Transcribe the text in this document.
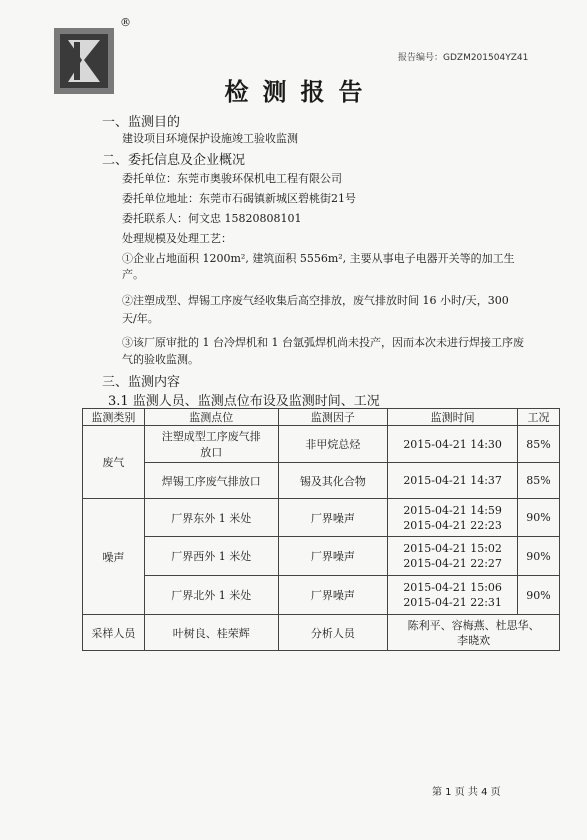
®
报告编号：GDZM201504YZ41
检测报告
一、监测目的
建设项目环境保护设施竣工验收监测
二、委托信息及企业概况
委托单位：东莞市奥骏环保机电工程有限公司
委托单位地址：东莞市石碣镇新城区碧桃街21号
委托联系人：何文忠 15820808101
处理规模及处理工艺：
①企业占地面积 1200m², 建筑面积 5556m², 主要从事电子电器开关等的加工生
产。
②注塑成型、焊锡工序废气经收集后高空排放，废气排放时间 16 小时/天，300
天/年。
③该厂原审批的 1 台冷焊机和 1 台氩弧焊机尚未投产，因而本次未进行焊接工序废
气的验收监测。
三、监测内容
3.1 监测人员、监测点位布设及监测时间、工况
监测类别	监测点位	监测因子	监测时间	工况
废气	注塑成型工序废气排
放口	非甲烷总烃	2015-04-21 14:30	85%
	焊锡工序废气排放口	锡及其化合物	2015-04-21 14:37	85%
噪声	厂界东外 1 米处	厂界噪声	2015-04-21 14:59
2015-04-21 22:23	90%
	厂界西外 1 米处	厂界噪声	2015-04-21 15:02
2015-04-21 22:27	90%
	厂界北外 1 米处	厂界噪声	2015-04-21 15:06
2015-04-21 22:31	90%
采样人员	叶树良、桂荣辉	分析人员	陈利平、容梅燕、杜思华、
李晓欢	
第 1 页 共 4 页
